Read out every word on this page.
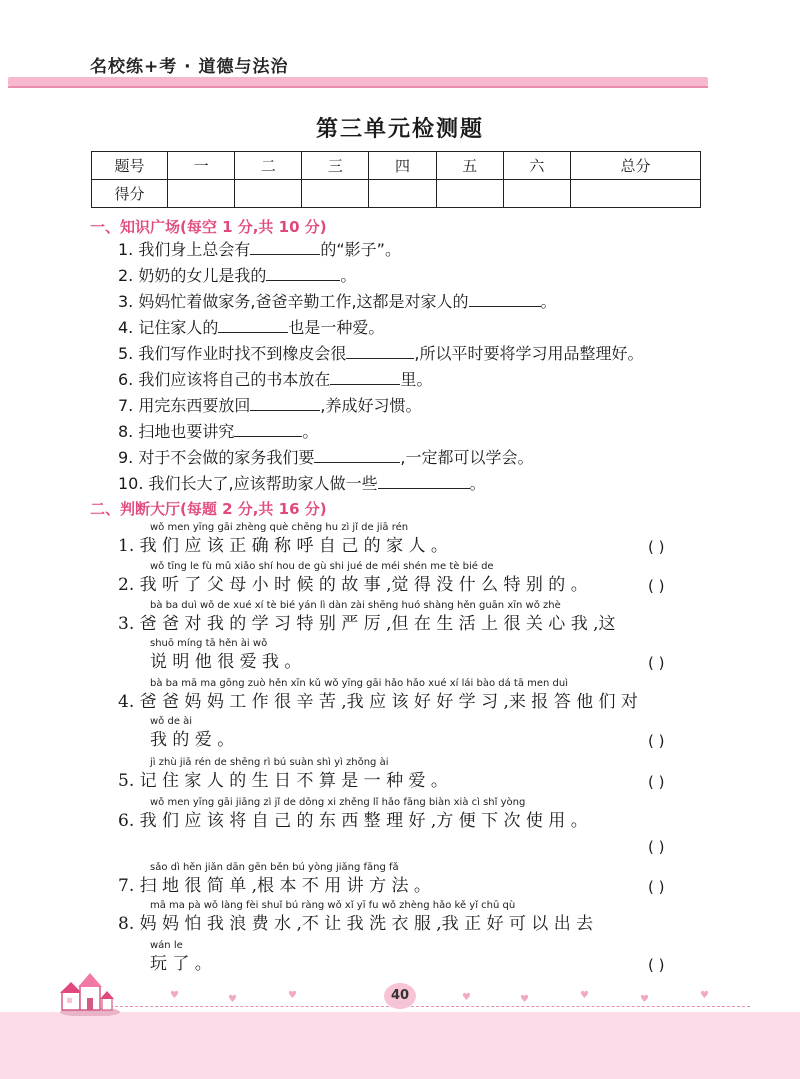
名校练+考 · 道德与法治
第三单元检测题
题号	一	二	三	四	五	六	总分
得分							
一、知识广场(每空 1 分,共 10 分)
1. 我们身上总会有	的“影子”。
2. 奶奶的女儿是我的	。
3. 妈妈忙着做家务,爸爸辛勤工作,这都是对家人的	。
4. 记住家人的	也是一种爱。
5. 我们写作业时找不到橡皮会很	,所以平时要将学习用品整理好。
6. 我们应该将自己的书本放在	里。
7. 用完东西要放回	,养成好习惯。
8. 扫地也要讲究	。
9. 对于不会做的家务我们要	,一定都可以学会。
10. 我们长大了,应该帮助家人做一些	。
二、判断大厅(每题 2 分,共 16 分)
wǒ men yīng gāi zhèng què chēng hu zì jǐ de jiā rén
1. 我 们 应 该 正 确 称 呼 自 己 的 家 人 。	( )
wǒ tīng le fù mǔ xiǎo shí hou de gù shi jué de méi shén me tè bié de
2. 我 听 了 父 母 小 时 候 的 故 事 ,觉 得 没 什 么 特 别 的 。	( )
bà ba duì wǒ de xué xí tè bié yán lì dàn zài shēng huó shàng hěn guān xīn wǒ zhè
3. 爸 爸 对 我 的 学 习 特 别 严 厉 ,但 在 生 活 上 很 关 心 我 ,这
shuō míng tā hěn ài wǒ
说 明 他 很 爱 我 。	( )
bà ba mā ma gōng zuò hěn xīn kǔ wǒ yīng gāi hǎo hǎo xué xí lái bào dá tā men duì
4. 爸 爸 妈 妈 工 作 很 辛 苦 ,我 应 该 好 好 学 习 ,来 报 答 他 们 对
wǒ de ài
我 的 爱 。	( )
jì zhù jiā rén de shēng rì bú suàn shì yì zhǒng ài
5. 记 住 家 人 的 生 日 不 算 是 一 种 爱 。	( )
wǒ men yīng gāi jiāng zì jǐ de dōng xi zhěng lǐ hǎo fāng biàn xià cì shǐ yòng
6. 我 们 应 该 将 自 己 的 东 西 整 理 好 ,方 便 下 次 使 用 。
( )
sǎo dì hěn jiǎn dān gēn běn bú yòng jiǎng fāng fǎ
7. 扫 地 很 简 单 ,根 本 不 用 讲 方 法 。	( )
mā ma pà wǒ làng fèi shuǐ bú ràng wǒ xǐ yī fu wǒ zhèng hǎo kě yǐ chū qù
8. 妈 妈 怕 我 浪 费 水 ,不 让 我 洗 衣 服 ,我 正 好 可 以 出 去
wán le
玩 了 。	( )
♥	♥	♥	♥	♥	♥	♥	♥
40
